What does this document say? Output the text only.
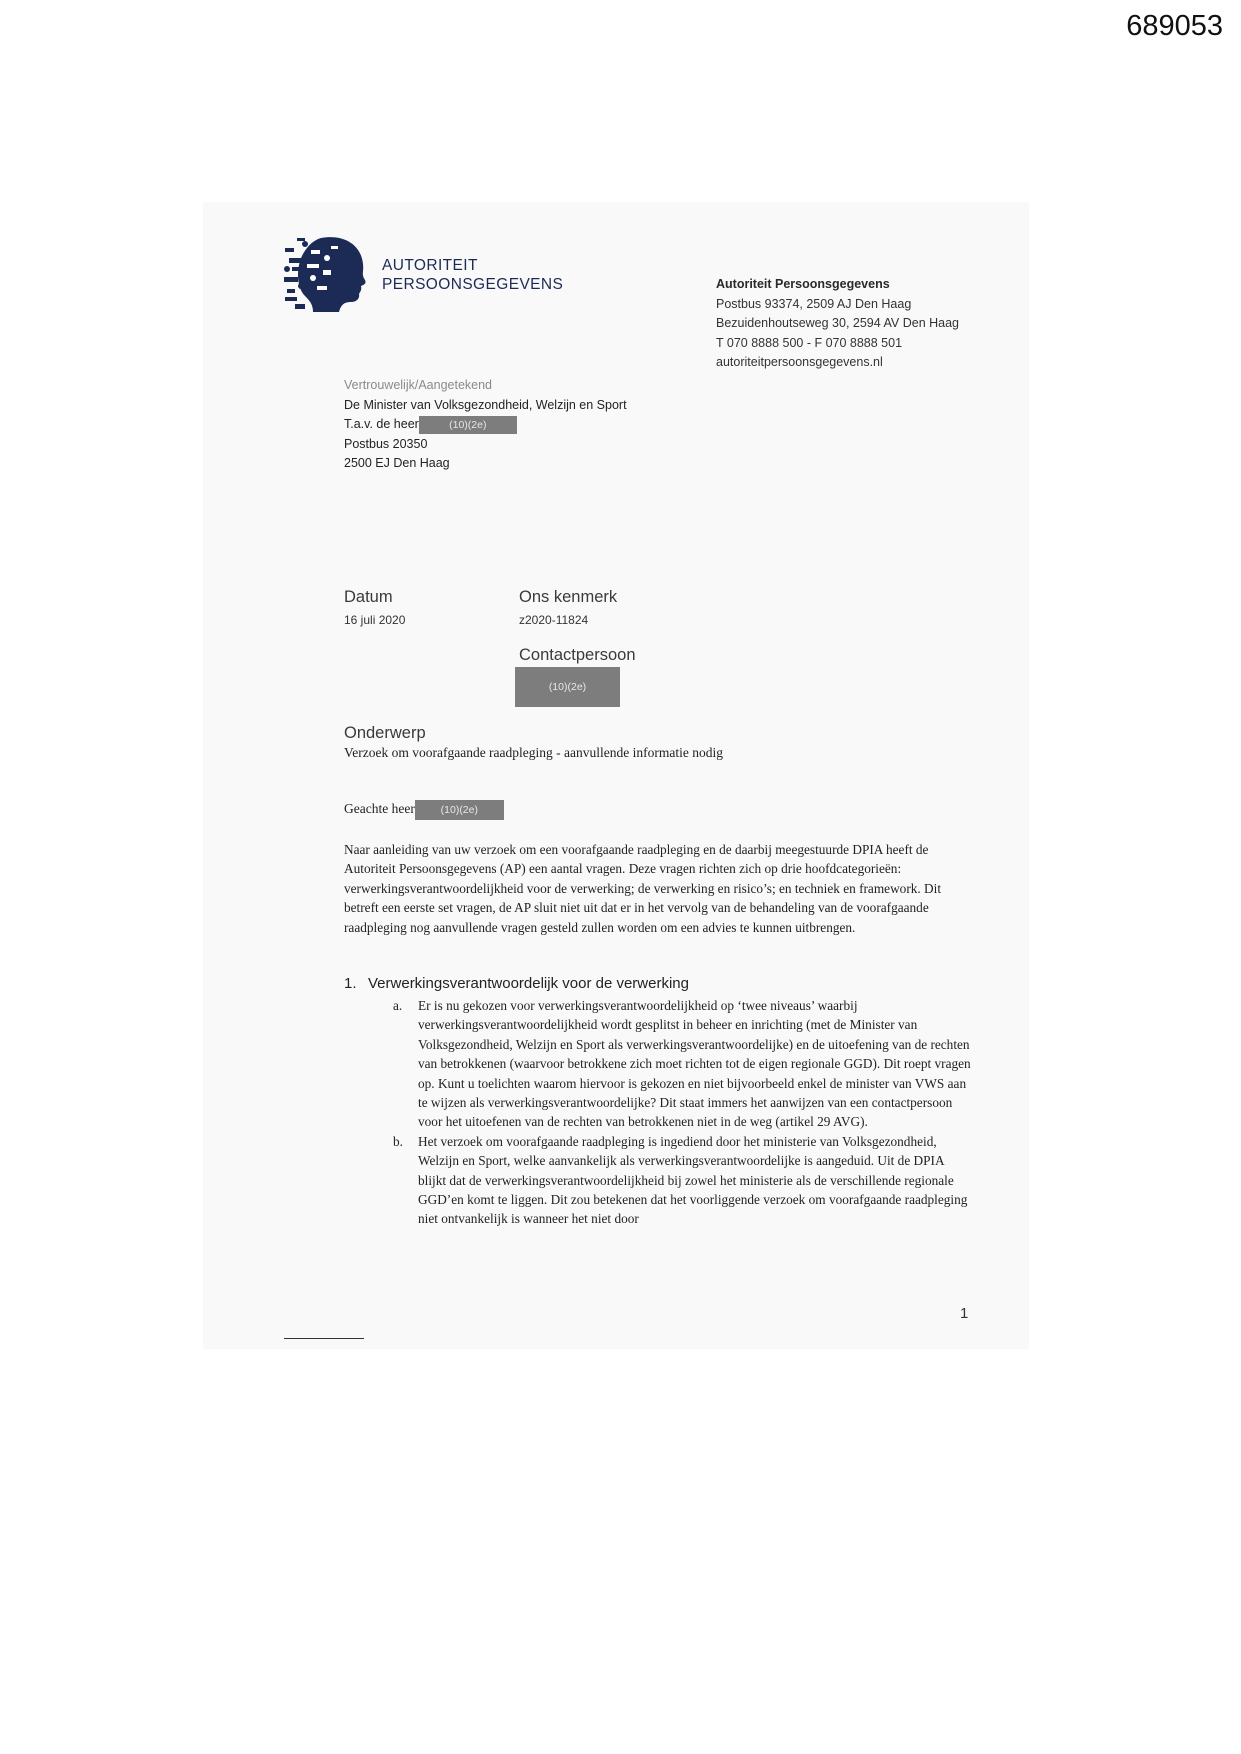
689053
AUTORITEIT
PERSOONSGEGEVENS	Autoriteit Persoonsgegevens
Postbus 93374, 2509 AJ Den Haag
Bezuidenhoutseweg 30, 2594 AV Den Haag
T 070 8888 500 - F 070 8888 501
autoriteitpersoonsgegevens.nl
Vertrouwelijk/Aangetekend
De Minister van Volksgezondheid, Welzijn en Sport
T.a.v. de heer	(10)(2e)
Postbus 20350
2500 EJ Den Haag
Datum
16 juli 2020
Ons kenmerk
z2020-11824
Contactpersoon
(10)(2e)
Onderwerp
Verzoek om voorafgaande raadpleging - aanvullende informatie nodig
Geachte heer (10)(2e)

Naar aanleiding van uw verzoek om een voorafgaande raadpleging en de daarbij meegestuurde DPIA heeft de Autoriteit Persoonsgegevens (AP) een aantal vragen. Deze vragen richten zich op drie hoofdcategorieën: verwerkingsverantwoordelijkheid voor de verwerking; de verwerking en risico’s; en techniek en framework. Dit betreft een eerste set vragen, de AP sluit niet uit dat er in het vervolg van de behandeling van de voorafgaande raadpleging nog aanvullende vragen gesteld zullen worden om een advies te kunnen uitbrengen.

1. Verwerkingsverantwoordelijk voor de verwerking
a.	Er is nu gekozen voor verwerkingsverantwoordelijkheid op ‘twee niveaus’ waarbij verwerkingsverantwoordelijkheid wordt gesplitst in beheer en inrichting (met de Minister van Volksgezondheid, Welzijn en Sport als verwerkingsverantwoordelijke) en de uitoefening van de rechten van betrokkenen (waarvoor betrokkene zich moet richten tot de eigen regionale GGD). Dit roept vragen op. Kunt u toelichten waarom hiervoor is gekozen en niet bijvoorbeeld enkel de minister van VWS aan te wijzen als verwerkingsverantwoordelijke? Dit staat immers het aanwijzen van een contactpersoon voor het uitoefenen van de rechten van betrokkenen niet in de weg (artikel 29 AVG).
b.	Het verzoek om voorafgaande raadpleging is ingediend door het ministerie van Volksgezondheid, Welzijn en Sport, welke aanvankelijk als verwerkingsverantwoordelijke is aangeduid. Uit de DPIA blijkt dat de verwerkingsverantwoordelijkheid bij zowel het ministerie als de verschillende regionale GGD’en komt te liggen. Dit zou betekenen dat het voorliggende verzoek om voorafgaande raadpleging niet ontvankelijk is wanneer het niet door
1
